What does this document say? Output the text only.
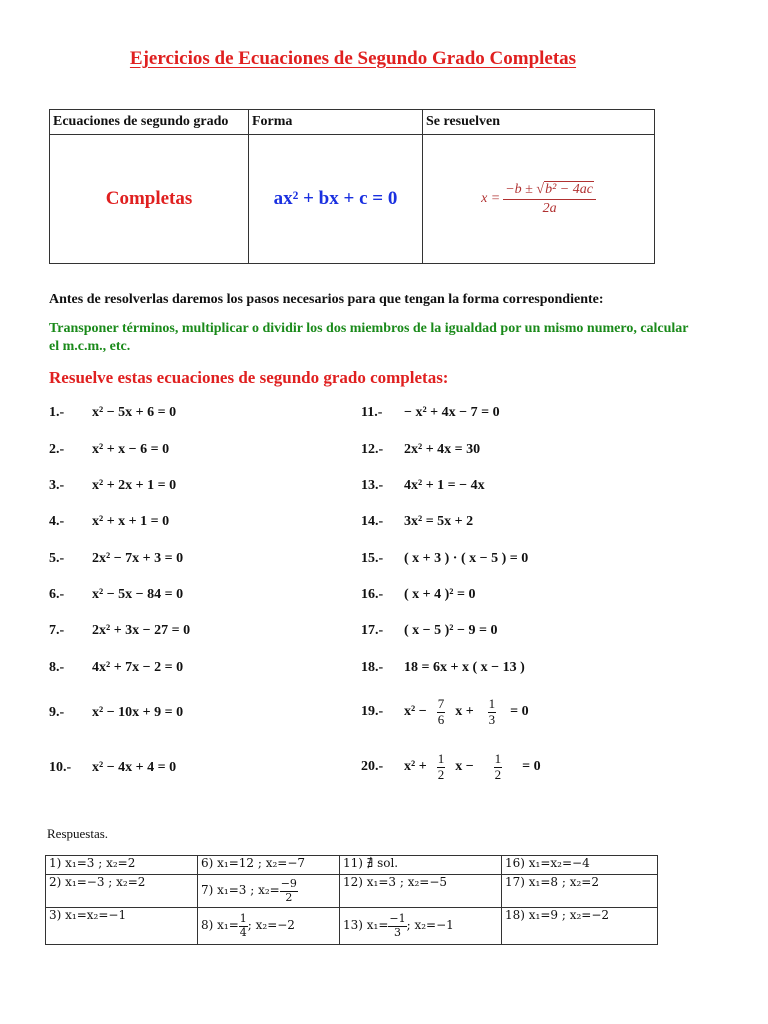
Ejercicios de Ecuaciones de Segundo Grado Completas
Ecuaciones de segundo grado	Forma	Se resuelven
Completas	ax² + bx + c = 0	$x = \frac{\text{−b ± √b² − 4ac}}{2a}$
Antes de resolverlas daremos los pasos necesarios para que tengan la forma correspondiente:
Transponer términos, multiplicar o dividir los dos miembros de la igualdad por un mismo numero, calcular el m.c.m., etc.
Resuelve estas ecuaciones de segundo grado completas:
1.-	x² − 5x + 6 = 0
2.-	x² + x − 6 = 0
3.-	x² + 2x + 1 = 0
4.-	x² + x + 1 = 0
5.-	2x² − 7x + 3 = 0
6.-	x² − 5x − 84 = 0
7.-	2x² + 3x − 27 = 0
8.-	4x² + 7x − 2 = 0
9.-	x² − 10x + 9 = 0
10.-	x² − 4x + 4 = 0
11.-	− x² + 4x − 7 = 0
12.-	2x² + 4x = 30
13.-	4x² + 1 = − 4x
14.-	3x² = 5x + 2
15.-	( x + 3 ) · ( x − 5 ) = 0
16.-	( x + 4 )² = 0
17.-	( x − 5 )² − 9 = 0
18.-	18 = 6x + x ( x − 13 )
19.-	$x^2 - \frac{7}{6}$ $x + \frac{1}{3} = 0$
20.-	$x^2 + \frac{1}{2}$ $x - \frac{1}{2} = 0$
Respuestas.
1) x₁=3 ; x₂=2	6) x₁=12 ; x₂=−7	11) ∄ sol.	16) x₁=x₂=−4
2) x₁=−3 ; x₂=2	7) x₁=3 ; $x_2= \frac{-9}{2}$	12) x₁=3 ; x₂=−5	17) x₁=8 ; x₂=2
3) x₁=x₂=−1	8) $x_1= \frac{1}{4}$ ; x₂=−2	13) $x_1= \frac{-1}{3}$ ; x₂=−1	18) x₁=9 ; x₂=−2
